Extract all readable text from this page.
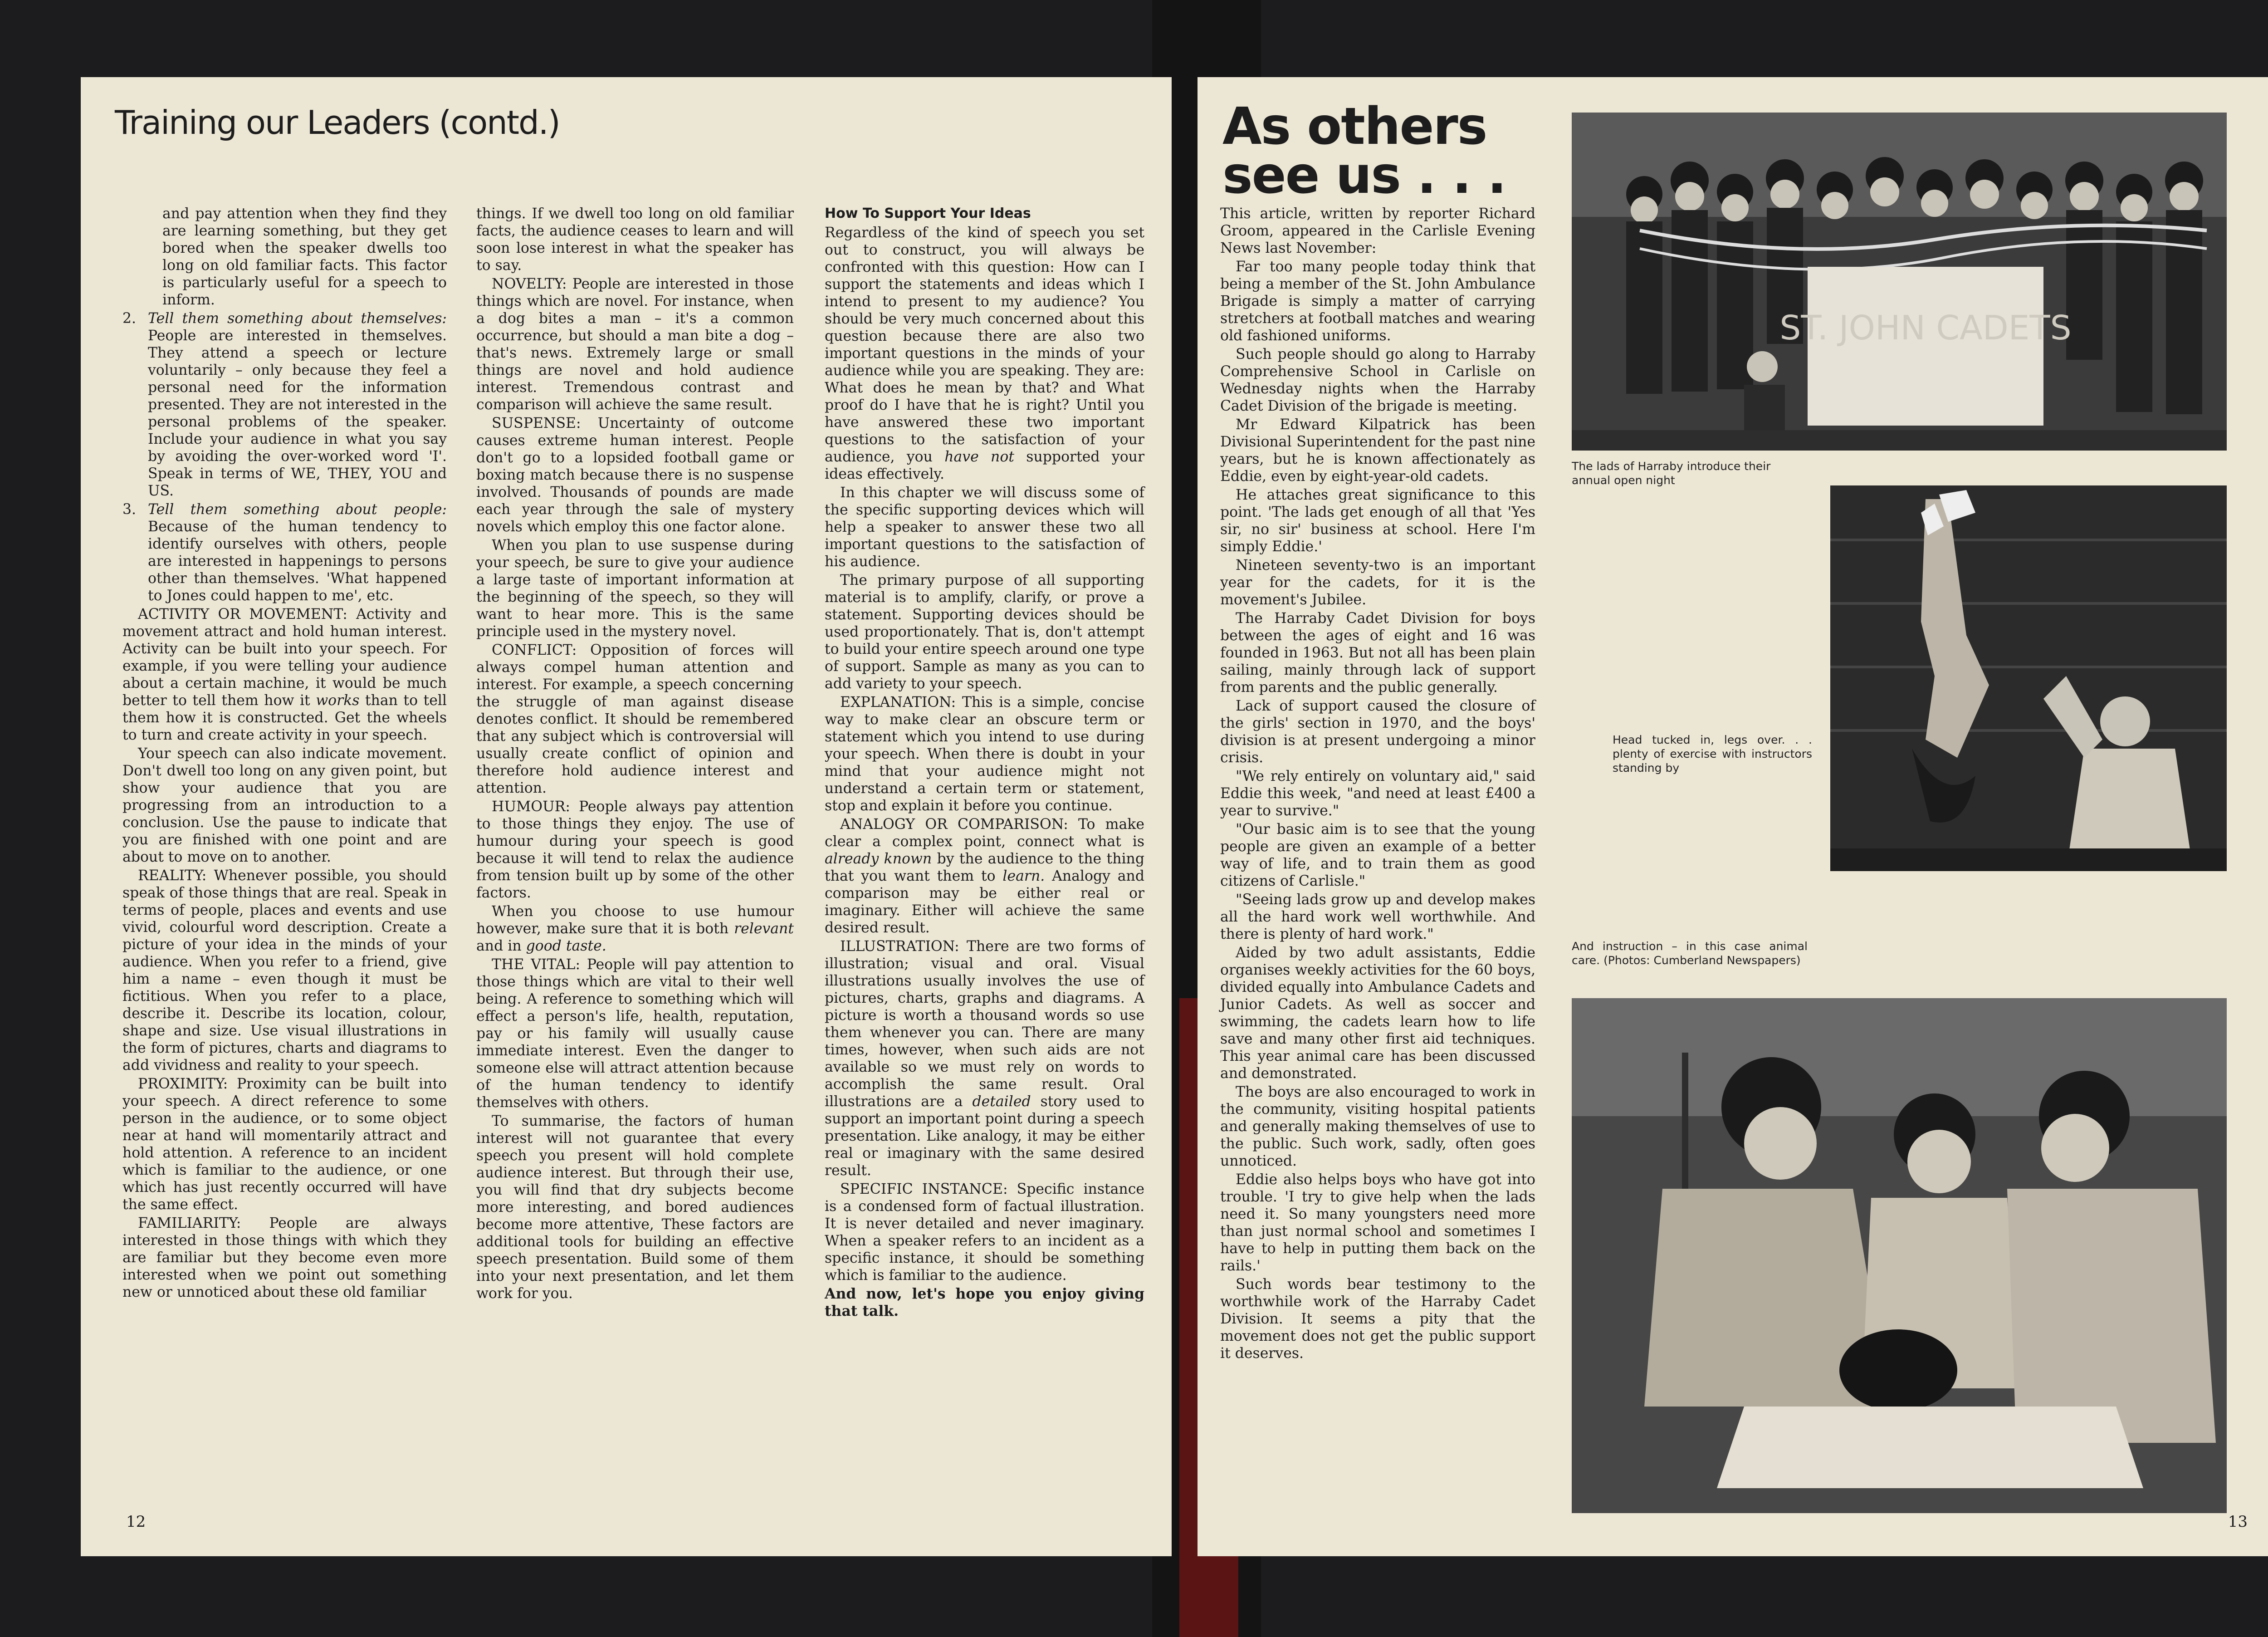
Training our Leaders (contd.)

and pay attention when they find they are learning something, but they get bored when the speaker dwells too long on old familiar facts. This factor is particularly useful for a speech to inform.

2. Tell them something about themselves: People are interested in themselves. They attend a speech or lecture voluntarily – only because they feel a personal need for the information presented. They are not interested in the personal problems of the speaker. Include your audience in what you say by avoiding the over-worked word 'I'. Speak in terms of WE, THEY, YOU and US.
3. Tell them something about people: Because of the human tendency to identify ourselves with others, people are interested in happenings to persons other than themselves. 'What happened to Jones could happen to me', etc.

ACTIVITY OR MOVEMENT: Activity and movement attract and hold human interest. Activity can be built into your speech. For example, if you were telling your audience about a certain machine, it would be much better to tell them how it works than to tell them how it is constructed. Get the wheels to turn and create activity in your speech.

Your speech can also indicate movement. Don't dwell too long on any given point, but show your audience that you are progressing from an introduction to a conclusion. Use the pause to indicate that you are finished with one point and are about to move on to another.

REALITY: Whenever possible, you should speak of those things that are real. Speak in terms of people, places and events and use vivid, colourful word description. Create a picture of your idea in the minds of your audience. When you refer to a friend, give him a name – even though it must be fictitious. When you refer to a place, describe it. Describe its location, colour, shape and size. Use visual illustrations in the form of pictures, charts and diagrams to add vividness and reality to your speech.

PROXIMITY: Proximity can be built into your speech. A direct reference to some person in the audience, or to some object near at hand will momentarily attract and hold attention. A reference to an incident which is familiar to the audience, or one which has just recently occurred will have the same effect.

FAMILIARITY: People are always interested in those things with which they are familiar but they become even more interested when we point out something new or unnoticed about these old familiar

things. If we dwell too long on old familiar facts, the audience ceases to learn and will soon lose interest in what the speaker has to say.

NOVELTY: People are interested in those things which are novel. For instance, when a dog bites a man – it's a common occurrence, but should a man bite a dog – that's news. Extremely large or small things are novel and hold audience interest. Tremendous contrast and comparison will achieve the same result.

SUSPENSE: Uncertainty of outcome causes extreme human interest. People don't go to a lopsided football game or boxing match because there is no suspense involved. Thousands of pounds are made each year through the sale of mystery novels which employ this one factor alone.

When you plan to use suspense during your speech, be sure to give your audience a large taste of important information at the beginning of the speech, so they will want to hear more. This is the same principle used in the mystery novel.

CONFLICT: Opposition of forces will always compel human attention and interest. For example, a speech concerning the struggle of man against disease denotes conflict. It should be remembered that any subject which is controversial will usually create conflict of opinion and therefore hold audience interest and attention.

HUMOUR: People always pay attention to those things they enjoy. The use of humour during your speech is good because it will tend to relax the audience from tension built up by some of the other factors.

When you choose to use humour however, make sure that it is both relevant and in good taste.

THE VITAL: People will pay attention to those things which are vital to their well being. A reference to something which will effect a person's life, health, reputation, pay or his family will usually cause immediate interest. Even the danger to someone else will attract attention because of the human tendency to identify themselves with others.

To summarise, the factors of human interest will not guarantee that every speech you present will hold complete audience interest. But through their use, you will find that dry subjects become more interesting, and bored audiences become more attentive, These factors are additional tools for building an effective speech presentation. Build some of them into your next presentation, and let them work for you.

How To Support Your Ideas

Regardless of the kind of speech you set out to construct, you will always be confronted with this question: How can I support the statements and ideas which I intend to present to my audience? You should be very much concerned about this question because there are also two important questions in the minds of your audience while you are speaking. They are: What does he mean by that? and What proof do I have that he is right? Until you have answered these two important questions to the satisfaction of your audience, you have not supported your ideas effectively.

In this chapter we will discuss some of the specific supporting devices which will help a speaker to answer these two all important questions to the satisfaction of his audience.

The primary purpose of all supporting material is to amplify, clarify, or prove a statement. Supporting devices should be used proportionately. That is, don't attempt to build your entire speech around one type of support. Sample as many as you can to add variety to your speech.

EXPLANATION: This is a simple, concise way to make clear an obscure term or statement which you intend to use during your speech. When there is doubt in your mind that your audience might not understand a certain term or statement, stop and explain it before you continue.

ANALOGY OR COMPARISON: To make clear a complex point, connect what is already known by the audience to the thing that you want them to learn. Analogy and comparison may be either real or imaginary. Either will achieve the same desired result.

ILLUSTRATION: There are two forms of illustration; visual and oral. Visual illustrations usually involves the use of pictures, charts, graphs and diagrams. A picture is worth a thousand words so use them whenever you can. There are many times, however, when such aids are not available so we must rely on words to accomplish the same result. Oral illustrations are a detailed story used to support an important point during a speech presentation. Like analogy, it may be either real or imaginary with the same desired result.

SPECIFIC INSTANCE: Specific instance is a condensed form of factual illustration. It is never detailed and never imaginary. When a speaker refers to an incident as a specific instance, it should be something which is familiar to the audience.

And now, let's hope you enjoy giving that talk.

12
As others
see us . . .

This article, written by reporter Richard Groom, appeared in the Carlisle Evening News last November:

Far too many people today think that being a member of the St. John Ambulance Brigade is simply a matter of carrying stretchers at football matches and wearing old fashioned uniforms.

Such people should go along to Harraby Comprehensive School in Carlisle on Wednesday nights when the Harraby Cadet Division of the brigade is meeting.

Mr Edward Kilpatrick has been Divisional Superintendent for the past nine years, but he is known affectionately as Eddie, even by eight-year-old cadets.

He attaches great significance to this point. 'The lads get enough of all that 'Yes sir, no sir' business at school. Here I'm simply Eddie.'

Nineteen seventy-two is an important year for the cadets, for it is the movement's Jubilee.

The Harraby Cadet Division for boys between the ages of eight and 16 was founded in 1963. But not all has been plain sailing, mainly through lack of support from parents and the public generally.

Lack of support caused the closure of the girls' section in 1970, and the boys' division is at present undergoing a minor crisis.

"We rely entirely on voluntary aid," said Eddie this week, "and need at least £400 a year to survive."

"Our basic aim is to see that the young people are given an example of a better way of life, and to train them as good citizens of Carlisle."

"Seeing lads grow up and develop makes all the hard work well worthwhile. And there is plenty of hard work."

Aided by two adult assistants, Eddie organises weekly activities for the 60 boys, divided equally into Ambulance Cadets and Junior Cadets. As well as soccer and swimming, the cadets learn how to life save and many other first aid techniques. This year animal care has been discussed and demonstrated.

The boys are also encouraged to work in the community, visiting hospital patients and generally making themselves of use to the public. Such work, sadly, often goes unnoticed.

Eddie also helps boys who have got into trouble. 'I try to give help when the lads need it. So many youngsters need more than just normal school and sometimes I have to help in putting them back on the rails.'

Such words bear testimony to the worthwhile work of the Harraby Cadet Division. It seems a pity that the movement does not get the public support it deserves.

ST. JOHN CADETS
The lads of Harraby introduce their annual open night
Head tucked in, legs over. . . plenty of exercise with instructors standing by
And instruction – in this case animal care. (Photos: Cumberland Newspapers)
13
